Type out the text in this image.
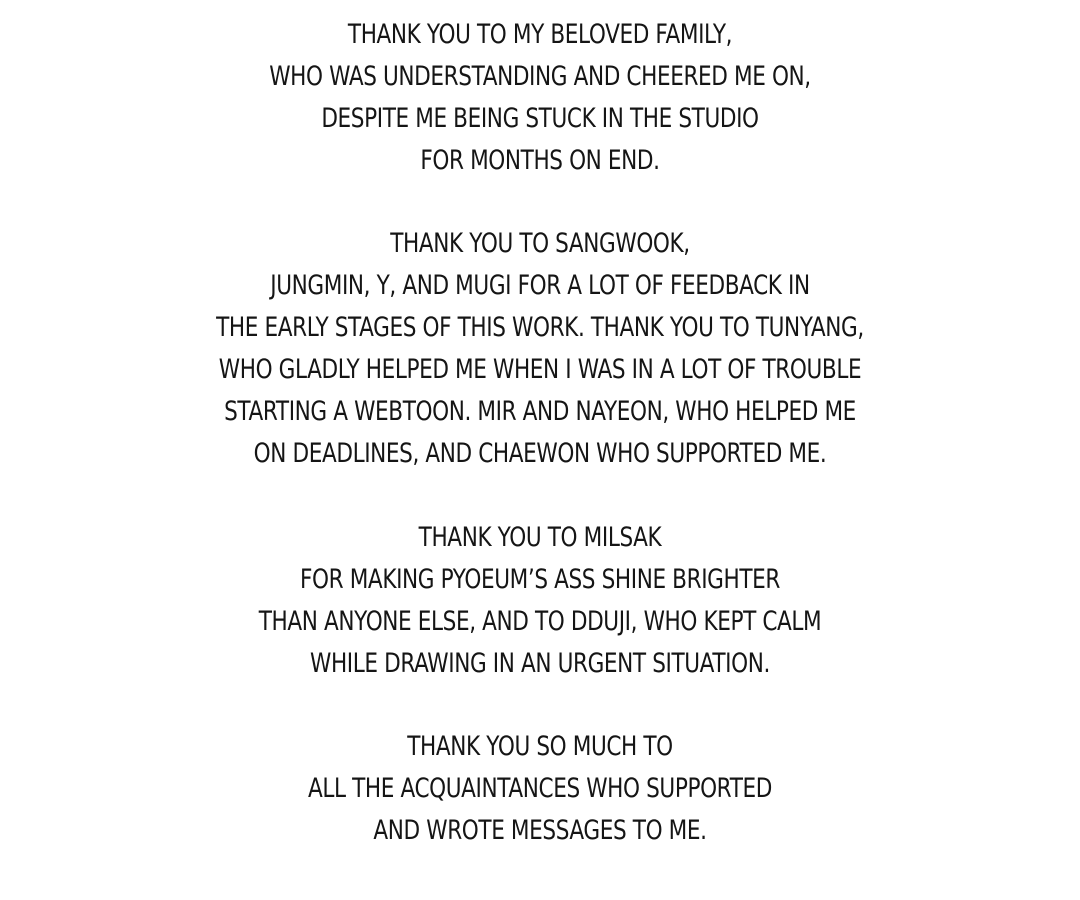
THANK YOU TO MY BELOVED FAMILY,
WHO WAS UNDERSTANDING AND CHEERED ME ON,
DESPITE ME BEING STUCK IN THE STUDIO
FOR MONTHS ON END.

THANK YOU TO SANGWOOK,
JUNGMIN, Y, AND MUGI FOR A LOT OF FEEDBACK IN
THE EARLY STAGES OF THIS WORK. THANK YOU TO TUNYANG,
WHO GLADLY HELPED ME WHEN I WAS IN A LOT OF TROUBLE
STARTING A WEBTOON. MIR AND NAYEON, WHO HELPED ME
ON DEADLINES, AND CHAEWON WHO SUPPORTED ME.

THANK YOU TO MILSAK
FOR MAKING PYOEUM’S ASS SHINE BRIGHTER
THAN ANYONE ELSE, AND TO DDUJI, WHO KEPT CALM
WHILE DRAWING IN AN URGENT SITUATION.

THANK YOU SO MUCH TO
ALL THE ACQUAINTANCES WHO SUPPORTED
AND WROTE MESSAGES TO ME.
